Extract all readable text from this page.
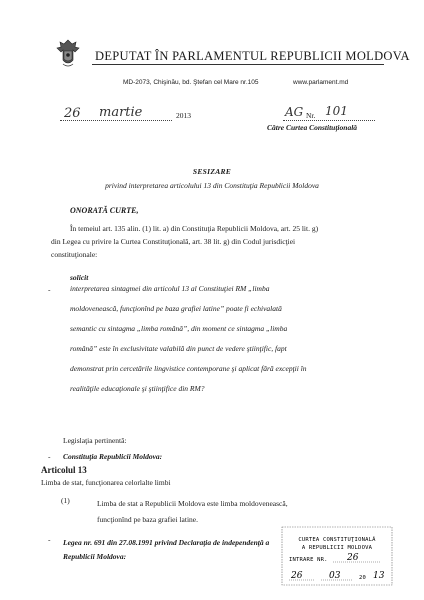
DEPUTAT ÎN PARLAMENTUL REPUBLICII MOLDOVA
MD-2073, Chişinău, bd. Ştefan cel Mare nr.105	www.parlament.md
26 martie	2013	AG Nr. 101
Către Curtea Constituţională
SESIZARE
privind interpretarea articolului 13 din Constituţia Republicii Moldova
ONORATĂ CURTE,
În temeiul art. 135 alin. (1) lit. a) din Constituţia Republicii Moldova, art. 25 lit. g)
din Legea cu privire la Curtea Constituţională, art. 38 lit. g) din Codul jurisdicţiei
constituţionale:
solicit
-	interpretarea sintagmei din articolul 13 al Constituţiei RM „limba
moldovenească, funcţionînd pe baza grafiei latine” poate fi echivalată
semantic cu sintagma „limba română”, din moment ce sintagma „limba
română” este în exclusivitate valabilă din punct de vedere ştiinţific, fapt
demonstrat prin cercetările lingvistice contemporane şi aplicat fără excepţii în
realităţile educaţionale şi ştiinţifice din RM?
Legislaţia pertinentă:
- Constituţia Republicii Moldova:
Articolul 13
Limba de stat, funcţionarea celorlalte limbi
(1)	Limba de stat a Republicii Moldova este limba moldovenească,
funcţionînd pe baza grafiei latine.
- Legea nr. 691 din 27.08.1991 privind Declaraţia de independenţă a
Republicii Moldova:
CURTEA CONSTITUŢIONALĂ
A REPUBLICII MOLDOVA
INTRARE NR. 26
26	03	20 13
